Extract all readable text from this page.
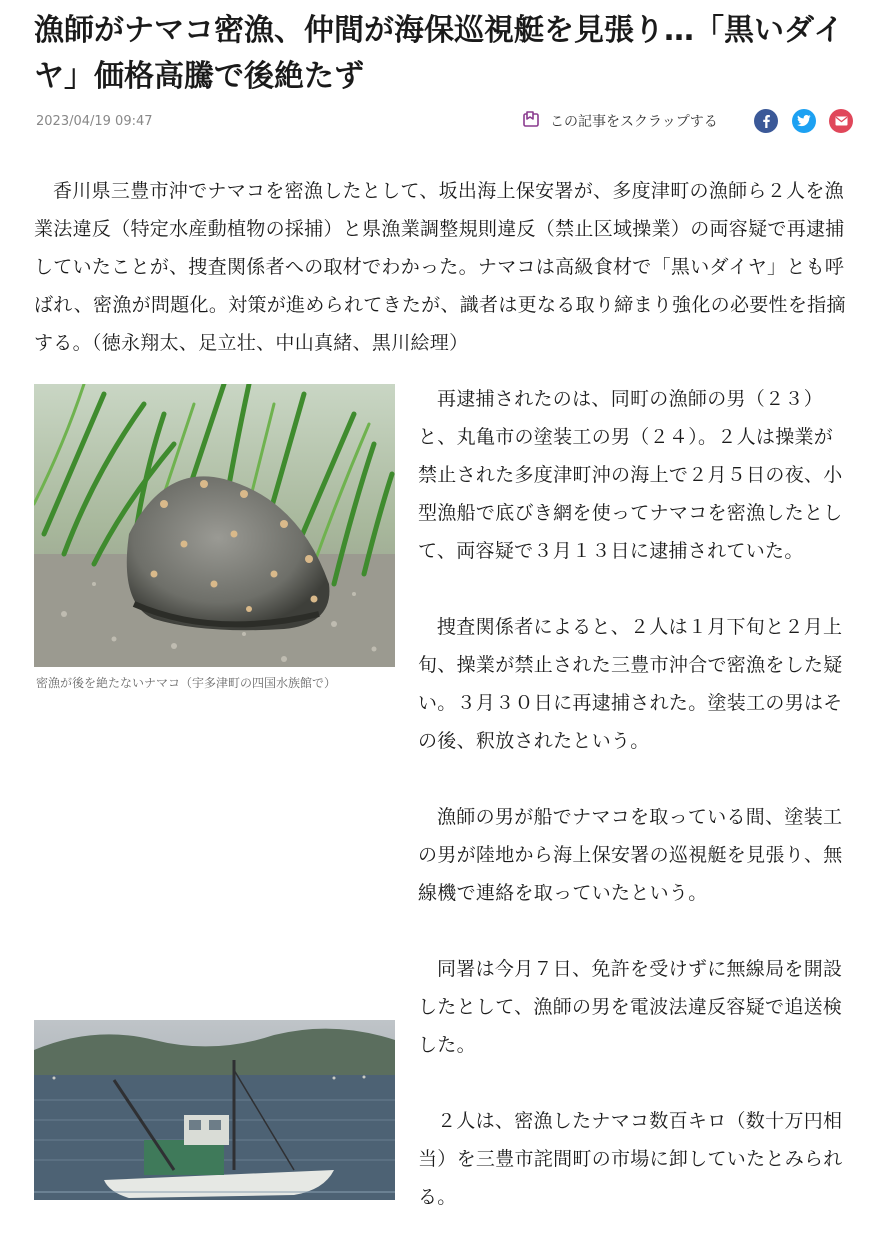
漁師がナマコ密漁、仲間が海保巡視艇を見張り…「黒いダイヤ」価格高騰で後絶たず
2023/04/19 09:47	この記事をスクラップする

香川県三豊市沖でナマコを密漁したとして、坂出海上保安署が、多度津町の漁師ら２人を漁業法違反（特定水産動植物の採捕）と県漁業調整規則違反（禁止区域操業）の両容疑で再逮捕していたことが、捜査関係者への取材でわかった。ナマコは高級食材で「黒いダイヤ」とも呼ばれ、密漁が問題化。対策が進められてきたが、識者は更なる取り締まり強化の必要性を指摘する。（徳永翔太、足立壮、中山真緒、黒川絵理）

密漁が後を絶たないナマコ（宇多津町の四国水族館で）

再逮捕されたのは、同町の漁師の男（２３）と、丸亀市の塗装工の男（２４）。２人は操業が禁止された多度津町沖の海上で２月５日の夜、小型漁船で底びき網を使ってナマコを密漁したとして、両容疑で３月１３日に逮捕されていた。

捜査関係者によると、２人は１月下旬と２月上旬、操業が禁止された三豊市沖合で密漁をした疑い。３月３０日に再逮捕された。塗装工の男はその後、釈放されたという。

漁師の男が船でナマコを取っている間、塗装工の男が陸地から海上保安署の巡視艇を見張り、無線機で連絡を取っていたという。

同署は今月７日、免許を受けずに無線局を開設したとして、漁師の男を電波法違反容疑で追送検した。

２人は、密漁したナマコ数百キロ（数十万円相当）を三豊市詫間町の市場に卸していたとみられる。
